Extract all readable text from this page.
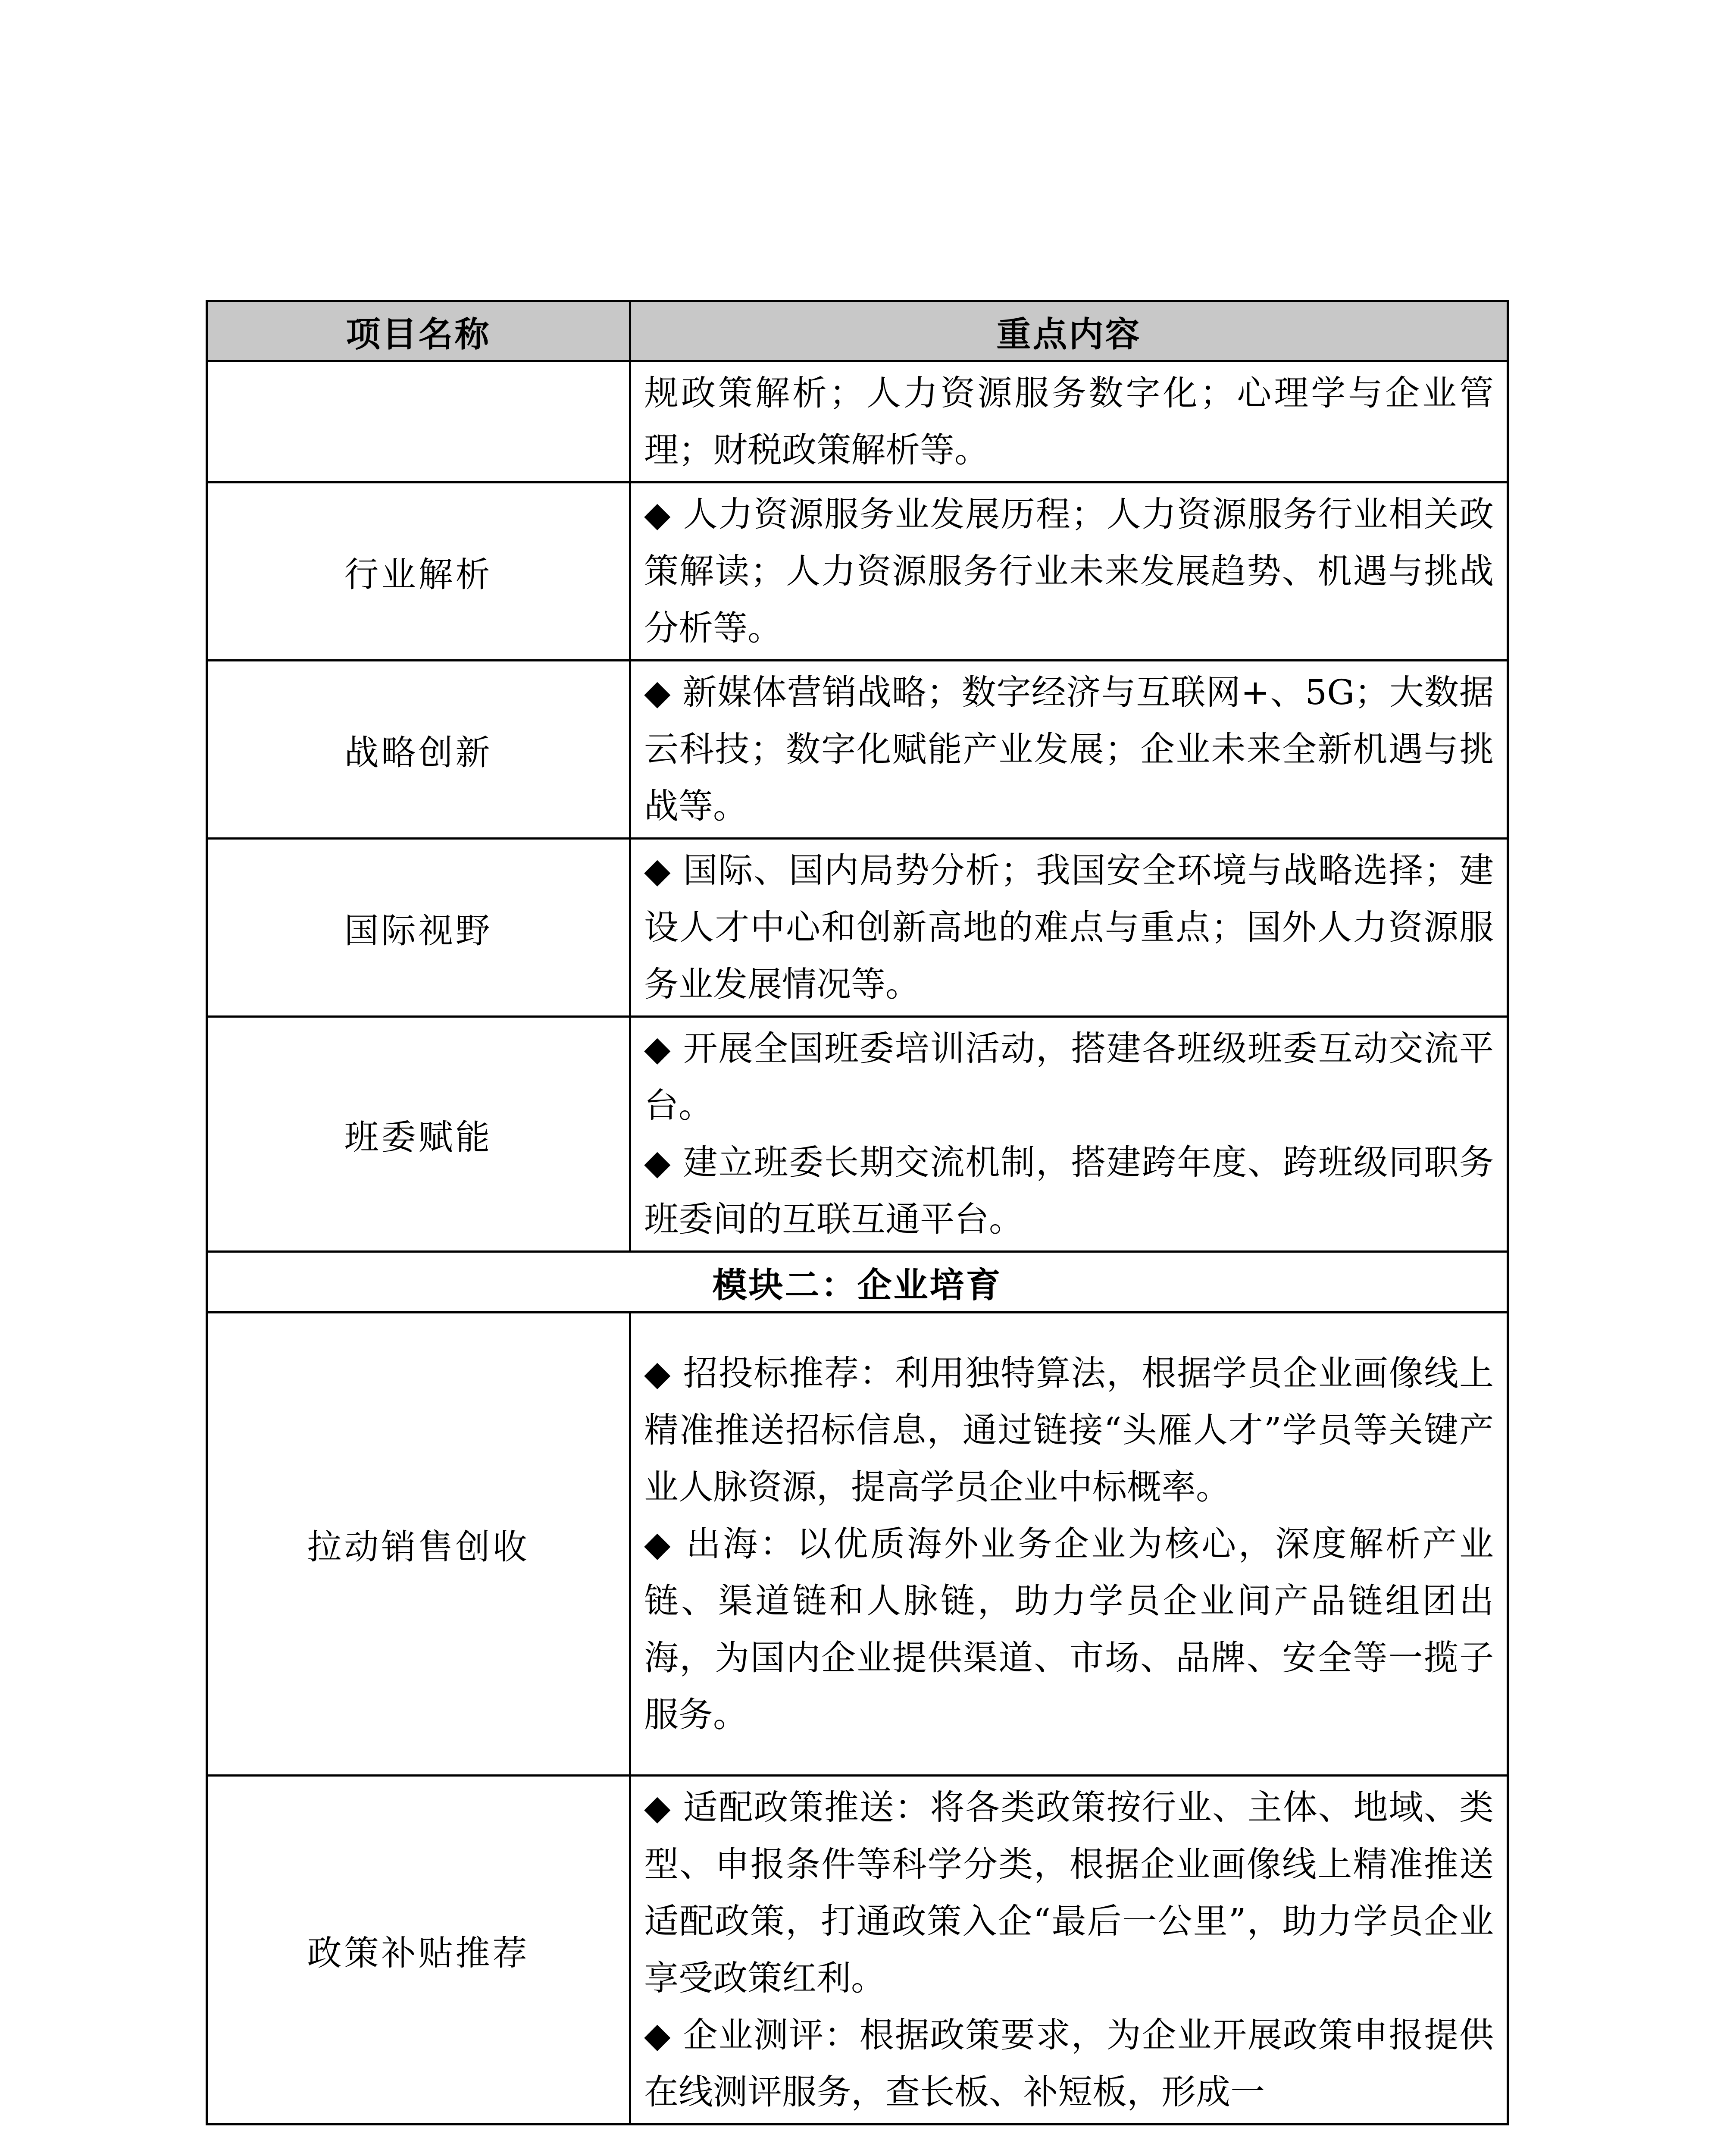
项目名称	重点内容

	规政策解析；人力资源服务数字化；心理学与企业管理；财税政策解析等。

行业解析	◆ 人力资源服务业发展历程；人力资源服务行业相关政策解读；人力资源服务行业未来发展趋势、机遇与挑战分析等。

战略创新	◆ 新媒体营销战略；数字经济与互联网+、5G；大数据云科技；数字化赋能产业发展；企业未来全新机遇与挑战等。

国际视野	◆ 国际、国内局势分析；我国安全环境与战略选择；建设人才中心和创新高地的难点与重点；国外人力资源服务业发展情况等。

班委赋能	◆ 开展全国班委培训活动，搭建各班级班委互动交流平台。
◆ 建立班委长期交流机制，搭建跨年度、跨班级同职务班委间的互联互通平台。

模块二：企业培育	
拉动销售创收	◆ 招投标推荐：利用独特算法，根据学员企业画像线上精准推送招标信息，通过链接“头雁人才”学员等关键产业人脉资源，提高学员企业中标概率。
◆ 出海：以优质海外业务企业为核心，深度解析产业链、渠道链和人脉链，助力学员企业间产品链组团出海，为国内企业提供渠道、市场、品牌、安全等一揽子服务。

政策补贴推荐	◆ 适配政策推送：将各类政策按行业、主体、地域、类型、申报条件等科学分类，根据企业画像线上精准推送适配政策，打通政策入企“最后一公里”，助力学员企业享受政策红利。
◆ 企业测评：根据政策要求，为企业开展政策申报提供在线测评服务，查长板、补短板，形成一
